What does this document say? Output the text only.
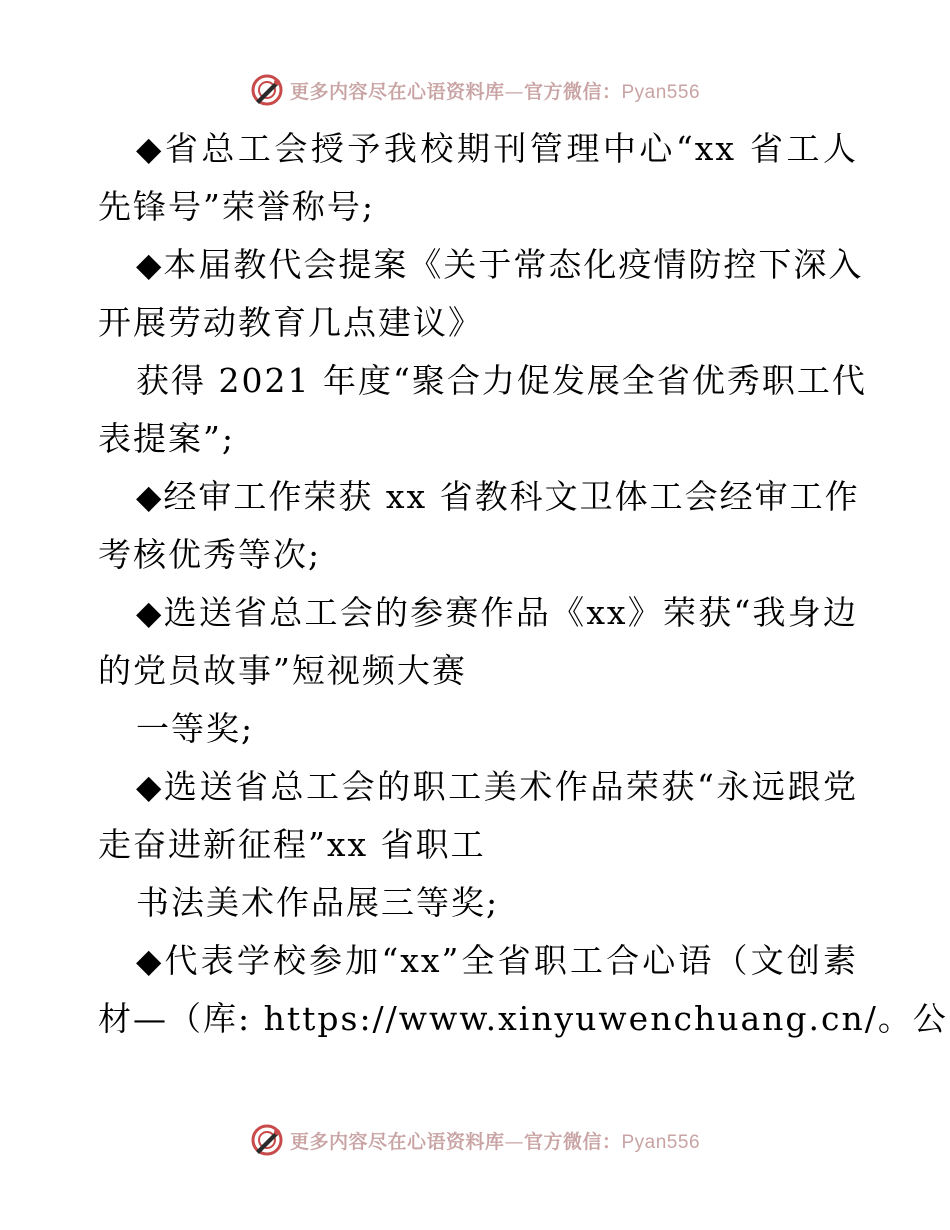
更多内容尽在心语资料库—官方微信：Pyan556
◆省总工会授予我校期刊管理中心“xx 省工人
先锋号”荣誉称号;
◆本届教代会提案《关于常态化疫情防控下深入
开展劳动教育几点建议》
获得 2021 年度“聚合力促发展全省优秀职工代
表提案”;
◆经审工作荣获 xx 省教科文卫体工会经审工作
考核优秀等次;
◆选送省总工会的参赛作品《xx》荣获“我身边
的党员故事”短视频大赛
一等奖;
◆选送省总工会的职工美术作品荣获“永远跟党
走奋进新征程”xx 省职工
书法美术作品展三等奖;
◆代表学校参加“xx”全省职工合心语（文创素
材—（库: https://www.xinyuwenchuang.cn/。公
更多内容尽在心语资料库—官方微信：Pyan556
